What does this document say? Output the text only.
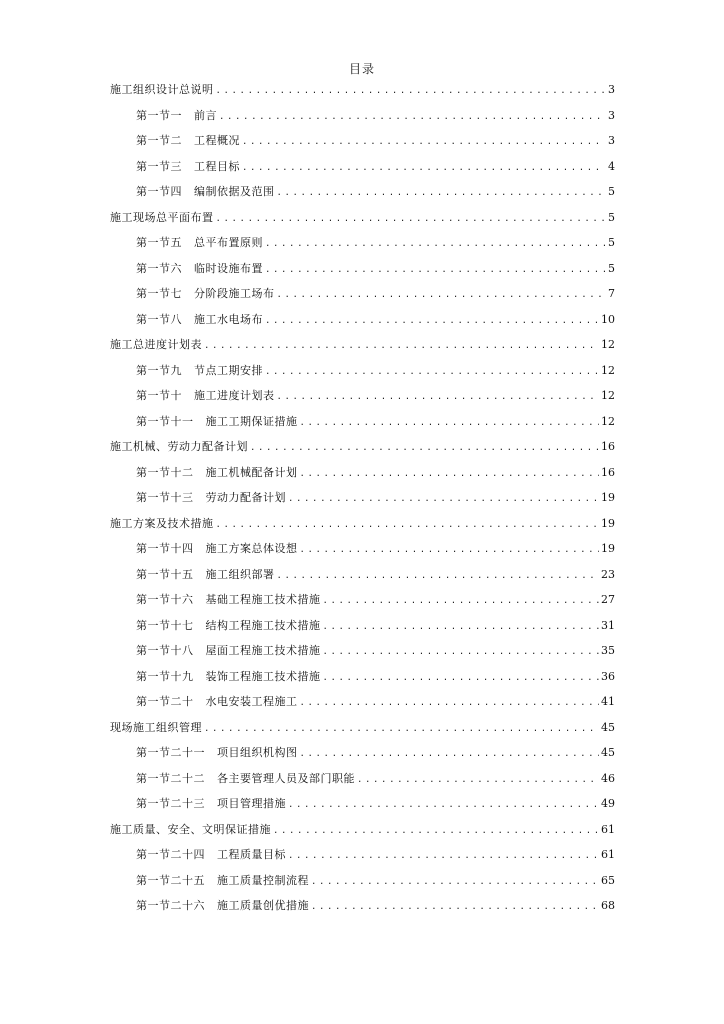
目录
施工组织设计总说明 .....	3
第一节一 前言 .....	3
第一节二 工程概况 .....	3
第一节三 工程目标 .....	4
第一节四 编制依据及范围 .....	5
施工现场总平面布置 .....	5
第一节五 总平布置原则 .....	5
第一节六 临时设施布置 .....	5
第一节七 分阶段施工场布 .....	7
第一节八 施工水电场布 .....	10
施工总进度计划表 .....	12
第一节九 节点工期安排 .....	12
第一节十 施工进度计划表 .....	12
第一节十一 施工工期保证措施 .....	12
施工机械、劳动力配备计划 .....	16
第一节十二 施工机械配备计划 .....	16
第一节十三 劳动力配备计划 .....	19
施工方案及技术措施 .....	19
第一节十四 施工方案总体设想 .....	19
第一节十五 施工组织部署 .....	23
第一节十六 基础工程施工技术措施 .....	27
第一节十七 结构工程施工技术措施 .....	31
第一节十八 屋面工程施工技术措施 .....	35
第一节十九 装饰工程施工技术措施 .....	36
第一节二十 水电安装工程施工 .....	41
现场施工组织管理 .....	45
第一节二十一 项目组织机构图 .....	45
第一节二十二 各主要管理人员及部门职能 .....	46
第一节二十三 项目管理措施 .....	49
施工质量、安全、文明保证措施 .....	61
第一节二十四 工程质量目标 .....	61
第一节二十五 施工质量控制流程 .....	65
第一节二十六 施工质量创优措施 .....	68
